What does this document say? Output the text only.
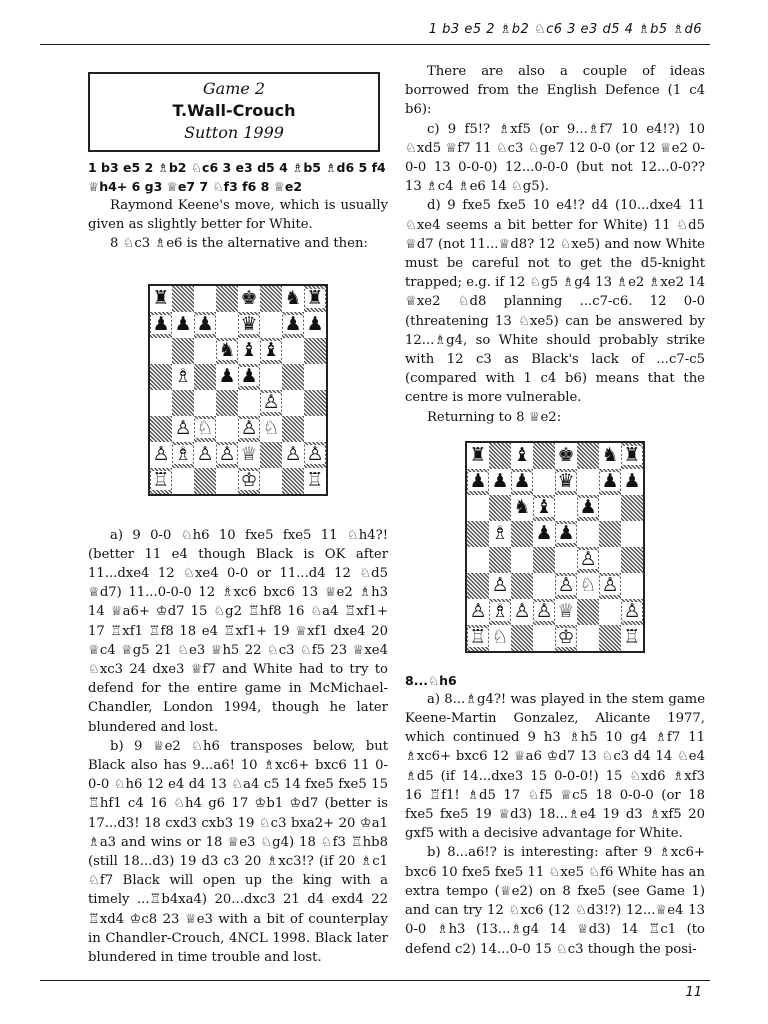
1 b3 e5 2 ♗b2 ♘c6 3 e3 d5 4 ♗b5 ♗d6
Game 2
T.Wall-Crouch
Sutton 1999

1 b3 e5 2 ♗b2 ♘c6 3 e3 d5 4 ♗b5 ♗d6 5 f4 ♕h4+ 6 g3 ♕e7 7 ♘f3 f6 8 ♕e2

Raymond Keene's move, which is usually given as slightly better for White.

8 ♘c3 ♗e6 is the alternative and then:

♜	♚ ♞ ♜
♟ ♟ ♟ ♛ ♟ ♟
♞ ♝ ♝
♗ ♟ ♟
♙
♙ ♘ ♙ ♘
♙ ♗ ♙ ♙ ♕ ♙ ♙
♖	♔	♖

a) 9 0-0 ♘h6 10 fxe5 fxe5 11 ♘h4?! (better 11 e4 though Black is OK after 11...dxe4 12 ♘xe4 0-0 or 11...d4 12 ♘d5 ♕d7) 11...0-0-0 12 ♗xc6 bxc6 13 ♕e2 ♗h3 14 ♕a6+ ♔d7 15 ♘g2 ♖hf8 16 ♘a4 ♖xf1+ 17 ♖xf1 ♖f8 18 e4 ♖xf1+ 19 ♕xf1 dxe4 20 ♕c4 ♕g5 21 ♘e3 ♕h5 22 ♘c3 ♘f5 23 ♕xe4 ♘xc3 24 dxe3 ♕f7 and White had to try to defend for the entire game in McMichael-Chandler, London 1994, though he later blundered and lost.

b) 9 ♕e2 ♘h6 transposes below, but Black also has 9...a6! 10 ♗xc6+ bxc6 11 0-0-0 ♘h6 12 e4 d4 13 ♘a4 c5 14 fxe5 fxe5 15 ♖hf1 c4 16 ♘h4 g6 17 ♔b1 ♔d7 (better is 17...d3! 18 cxd3 cxb3 19 ♘c3 bxa2+ 20 ♔a1 ♗a3 and wins or 18 ♕e3 ♘g4) 18 ♘f3 ♖hb8 (still 18...d3) 19 d3 c3 20 ♗xc3!? (if 20 ♗c1 ♘f7 Black will open up the king with a timely ...♖b4xa4) 20...dxc3 21 d4 exd4 22 ♖xd4 ♔c8 23 ♕e3 with a bit of counterplay in Chandler-Crouch, 4NCL 1998. Black later blundered in time trouble and lost.

There are also a couple of ideas borrowed from the English Defence (1 c4 b6):

c) 9 f5!? ♗xf5 (or 9...♗f7 10 e4!?) 10 ♘xd5 ♕f7 11 ♘c3 ♘ge7 12 0-0 (or 12 ♕e2 0-0-0 13 0-0-0) 12...0-0-0 (but not 12...0-0?? 13 ♗c4 ♗e6 14 ♘g5).

d) 9 fxe5 fxe5 10 e4!? d4 (10...dxe4 11 ♘xe4 seems a bit better for White) 11 ♘d5 ♕d7 (not 11...♕d8? 12 ♘xe5) and now White must be careful not to get the d5-knight trapped; e.g. if 12 ♘g5 ♗g4 13 ♗e2 ♗xe2 14 ♕xe2 ♘d8 planning ...c7-c6. 12 0-0 (threatening 13 ♘xe5) can be answered by 12...♗g4, so White should probably strike with 12 c3 as Black's lack of ...c7-c5 (compared with 1 c4 b6) means that the centre is more vulnerable.

Returning to 8 ♕e2:

♜ ♝ ♚ ♞ ♜
♟ ♟ ♟ ♛ ♟ ♟
♞ ♝ ♟
♗ ♟ ♟
♙
♙	♙ ♘ ♙
♙ ♗ ♙ ♙ ♕	♙
♖ ♘	♔	♖

8...♘h6

a) 8...♗g4?! was played in the stem game Keene-Martin Gonzalez, Alicante 1977, which continued 9 h3 ♗h5 10 g4 ♗f7 11 ♗xc6+ bxc6 12 ♕a6 ♔d7 13 ♘c3 d4 14 ♘e4 ♗d5 (if 14...dxe3 15 0-0-0!) 15 ♘xd6 ♗xf3 16 ♖f1! ♗d5 17 ♘f5 ♕c5 18 0-0-0 (or 18 fxe5 fxe5 19 ♕d3) 18...♗e4 19 d3 ♗xf5 20 gxf5 with a decisive advantage for White.

b) 8...a6!? is interesting: after 9 ♗xc6+ bxc6 10 fxe5 fxe5 11 ♘xe5 ♘f6 White has an extra tempo (♕e2) on 8 fxe5 (see Game 1) and can try 12 ♘xc6 (12 ♘d3!?) 12...♕e4 13 0-0 ♗h3 (13...♗g4 14 ♕d3) 14 ♖c1 (to defend c2) 14...0-0 15 ♘c3 though the posi-

11
